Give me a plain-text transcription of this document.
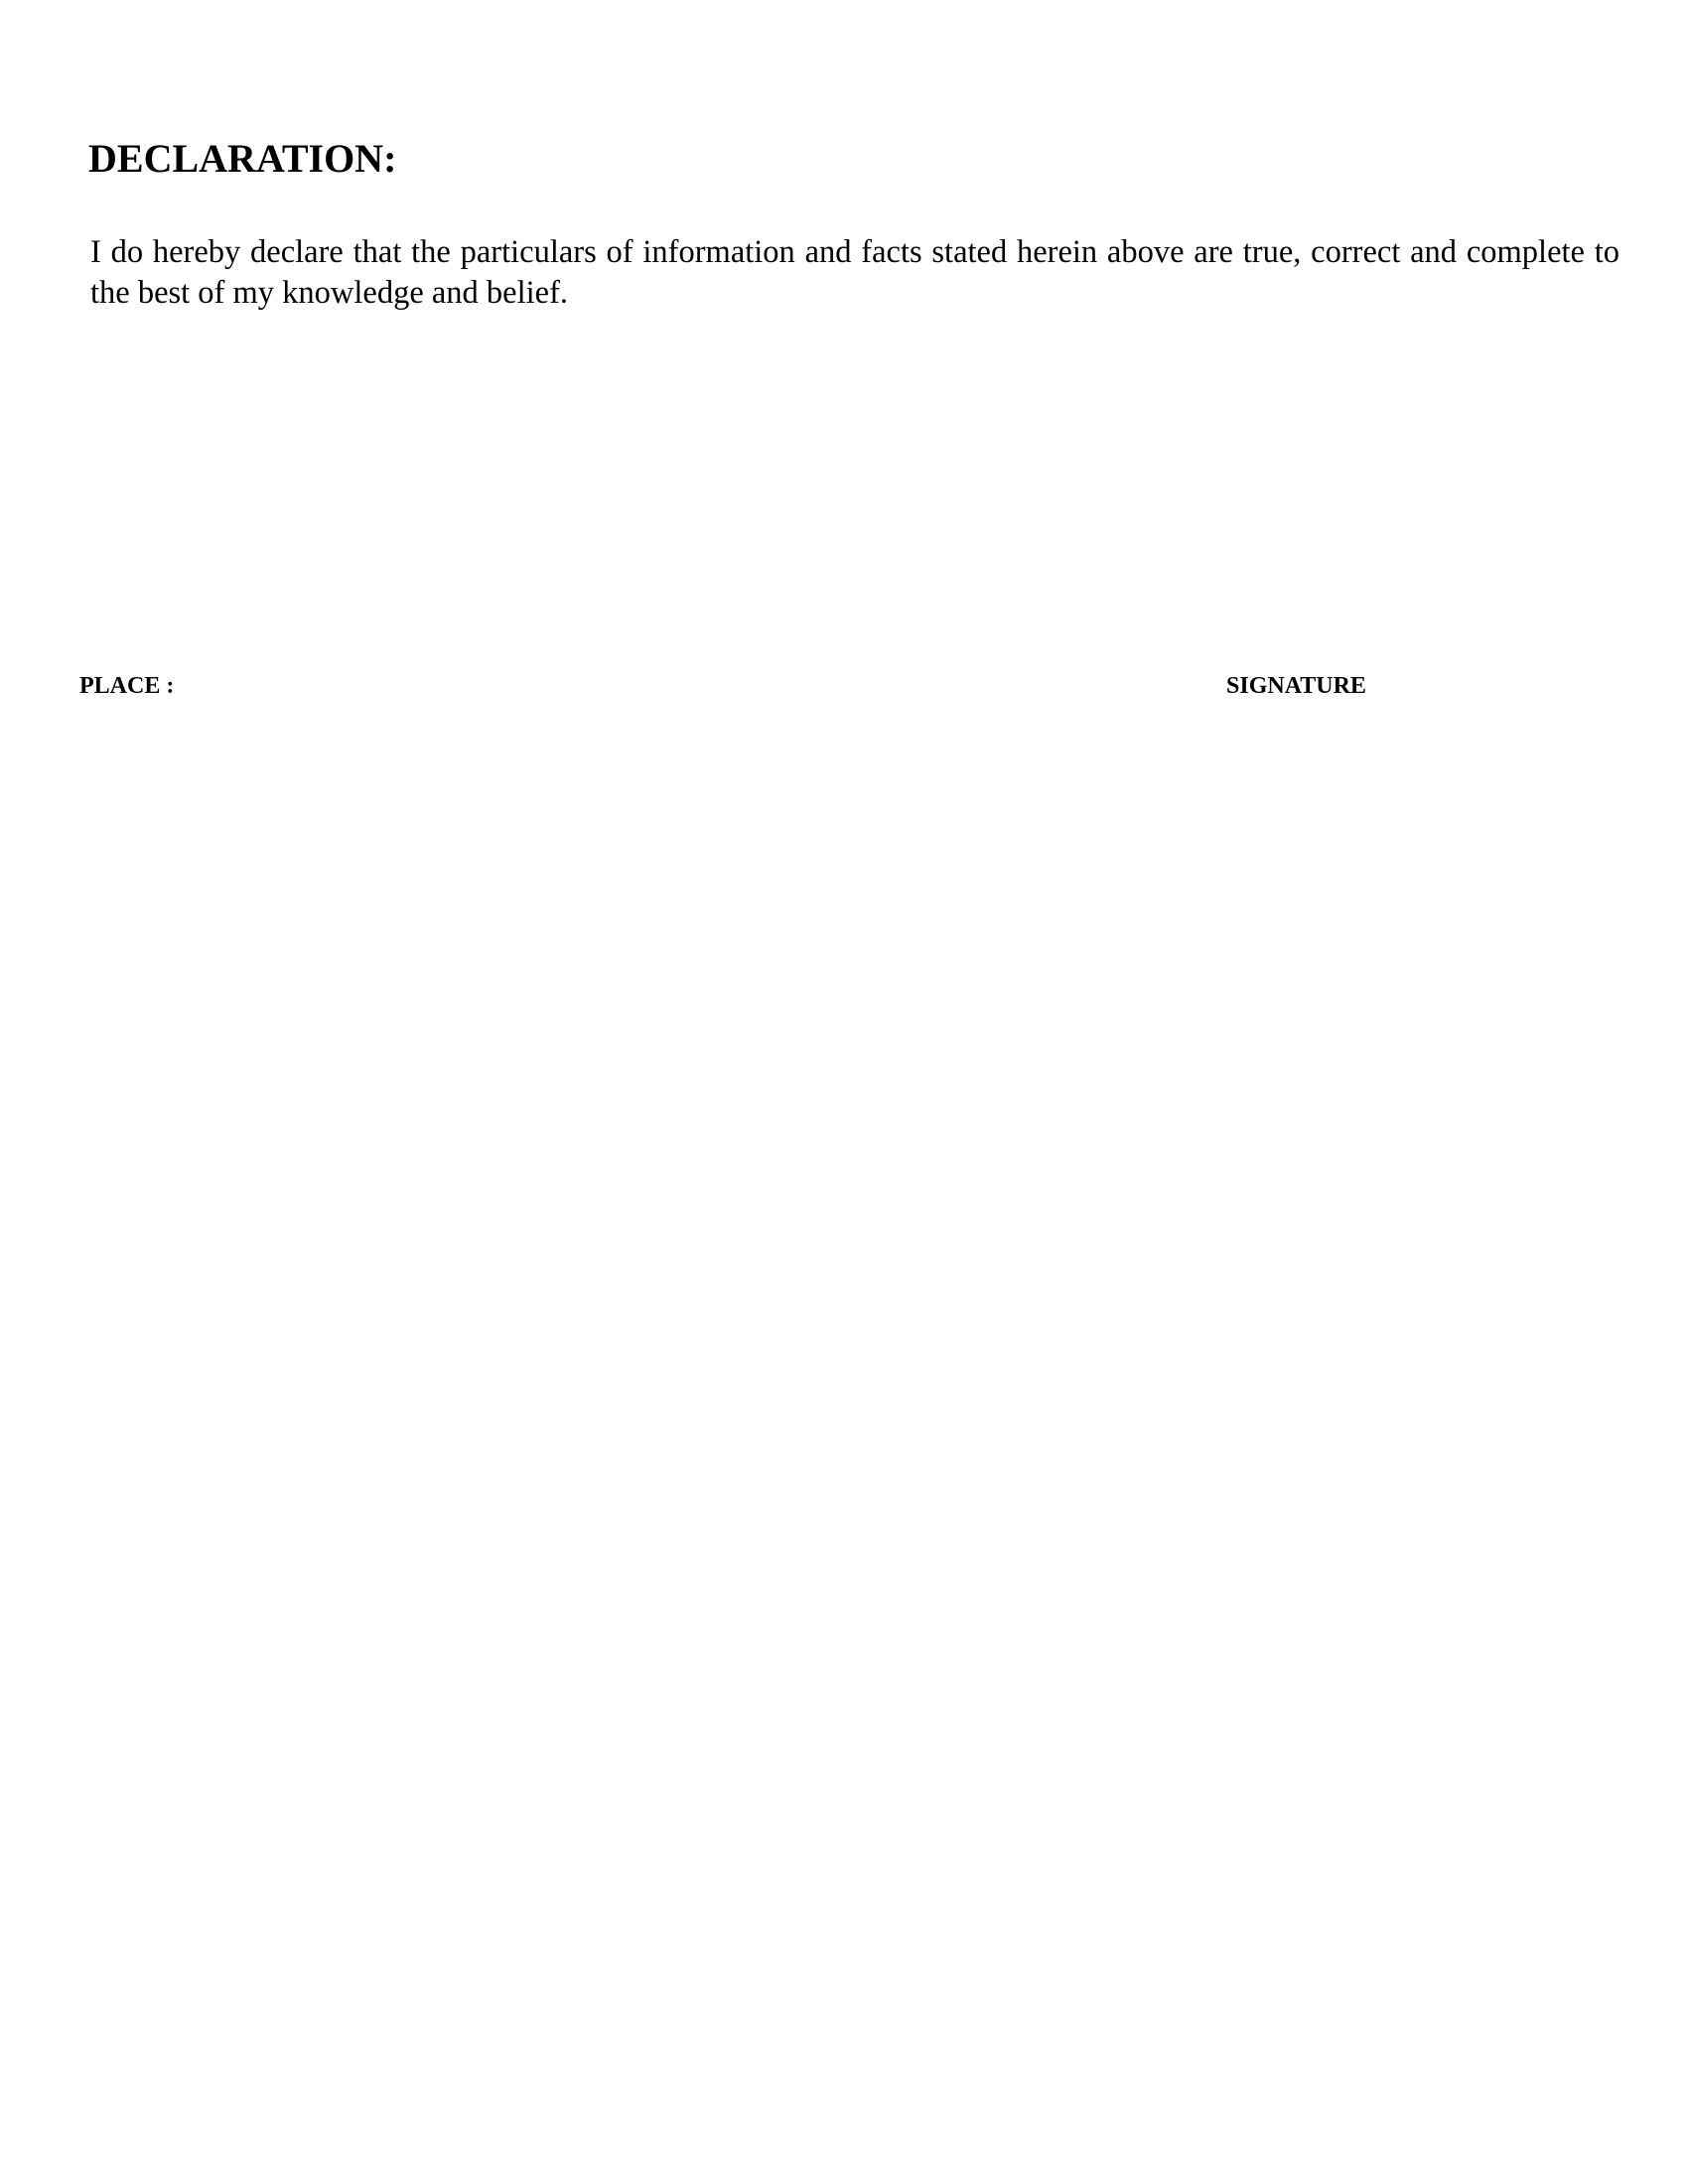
DECLARATION:

I do hereby declare that the particulars of information and facts stated herein above are true, correct and complete to the best of my knowledge and belief.

PLACE :	SIGNATURE
